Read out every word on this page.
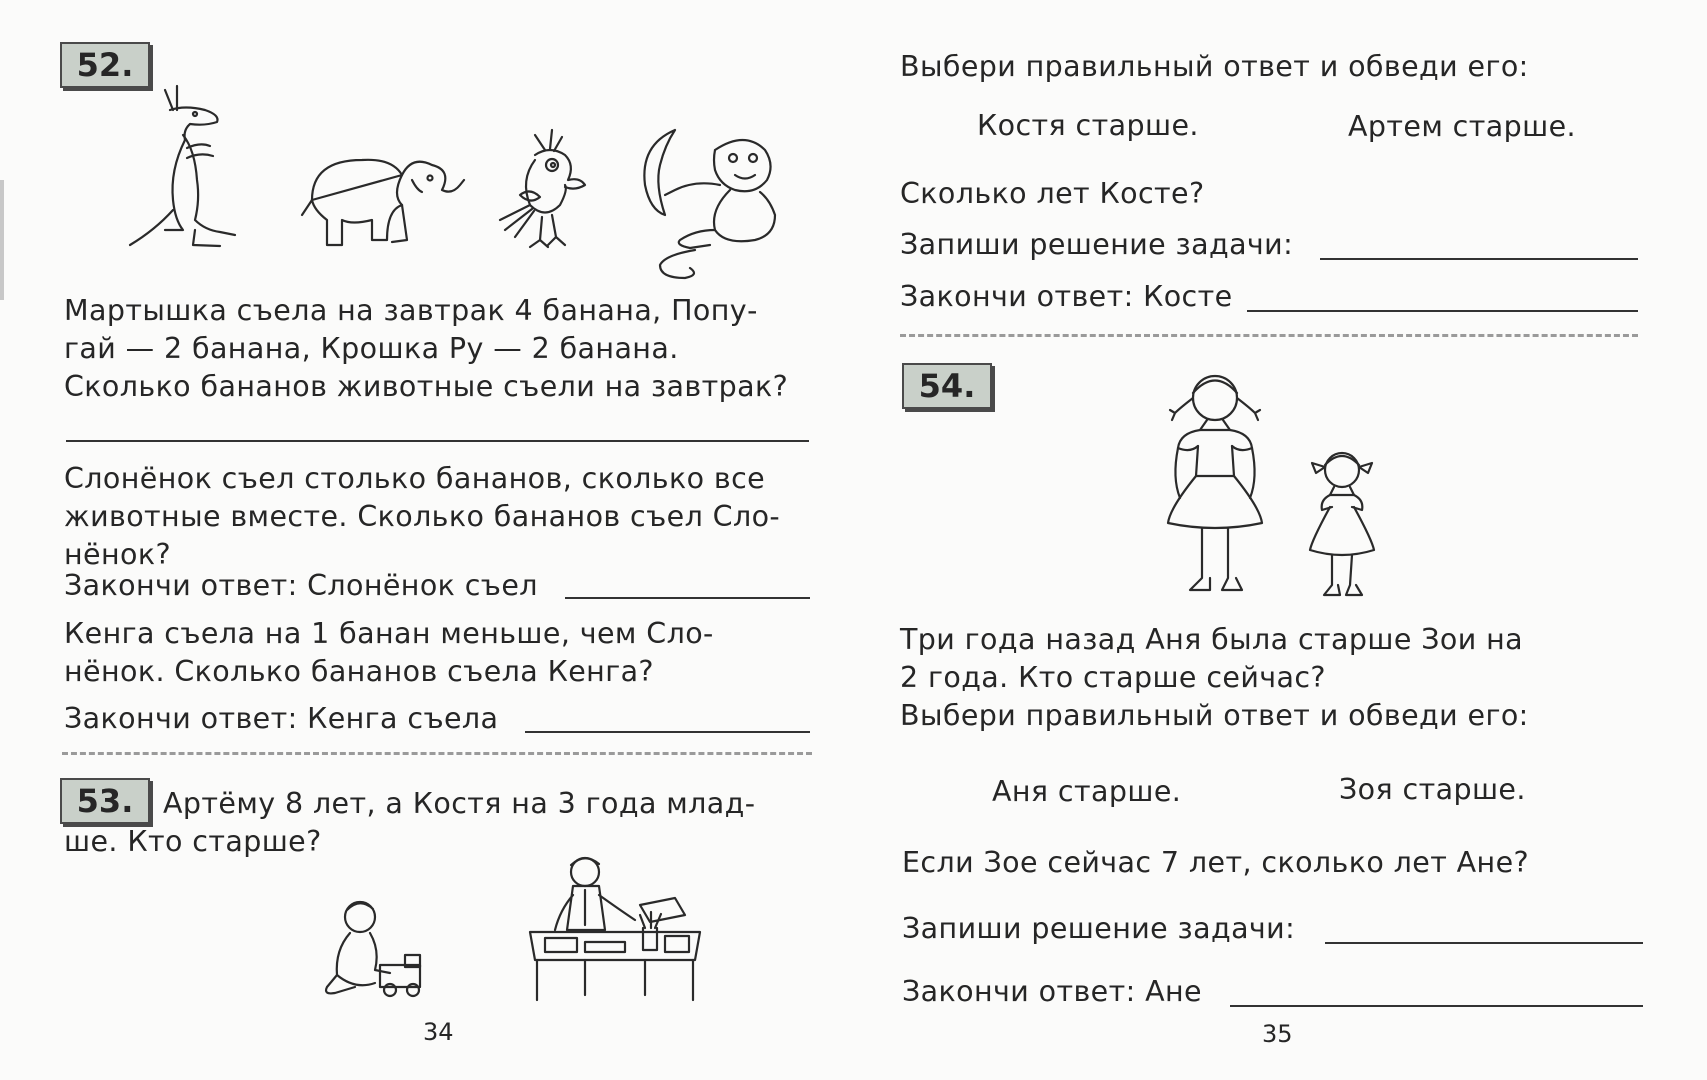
52.
Мартышка съела на завтрак 4 банана, Попу-
гай — 2 банана, Крошка Ру — 2 банана.
Сколько бананов животные съели на завтрак?
Слонёнок съел столько бананов, сколько все
животные вместе. Сколько бананов съел Сло-
нёнок?
Закончи ответ: Слонёнок съел
Кенга съела на 1 банан меньше, чем Сло-
нёнок. Сколько бананов съела Кенга?
Закончи ответ: Кенга съела
53.	Артёму 8 лет, а Костя на 3 года млад-
ше. Кто старше?
34
Выбери правильный ответ и обведи его:
Костя старше.	Артем старше.
Сколько лет Косте?
Запиши решение задачи:
Закончи ответ: Косте
54.
Три года назад Аня была старше Зои на
2 года. Кто старше сейчас?
Выбери правильный ответ и обведи его:
Аня старше.	Зоя старше.
Если Зое сейчас 7 лет, сколько лет Ане?
Запиши решение задачи:
Закончи ответ: Ане
35
